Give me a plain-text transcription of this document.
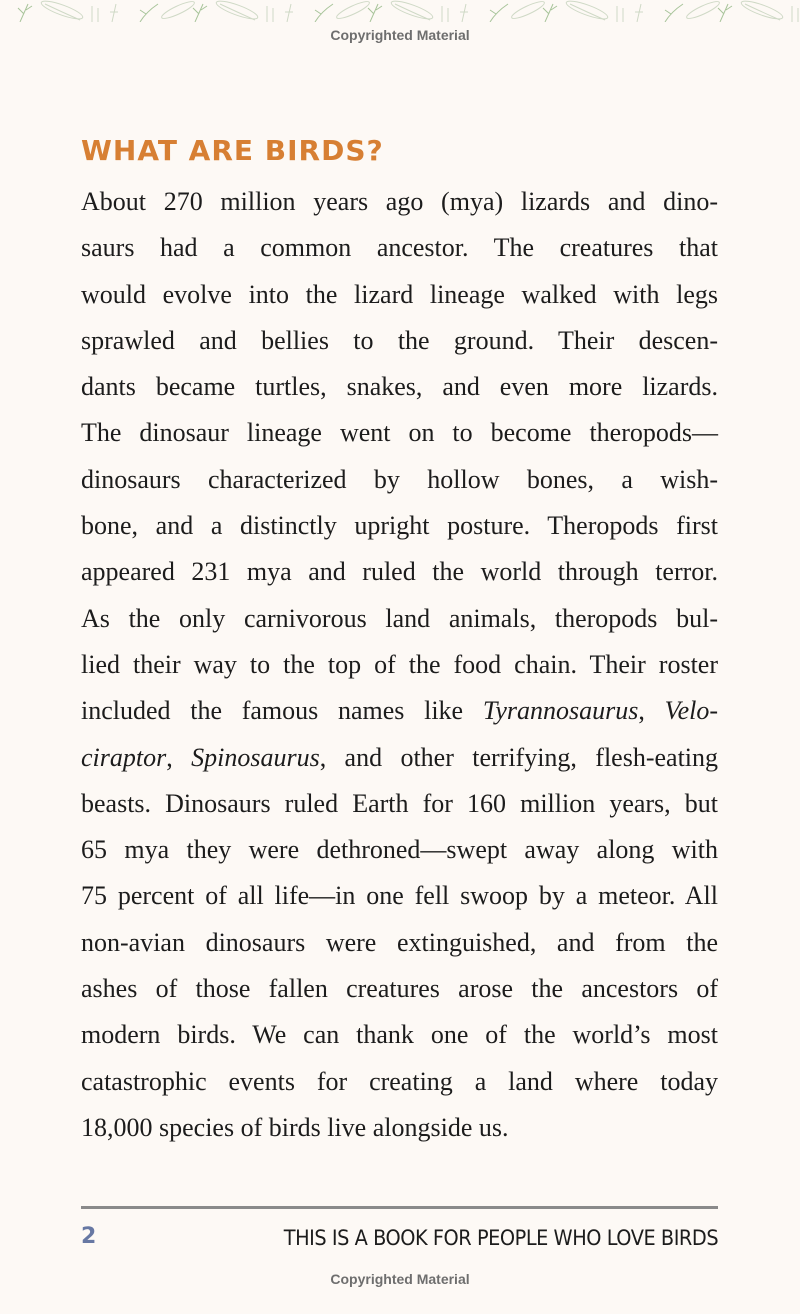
Copyrighted Material
WHAT ARE BIRDS?
About 270 million years ago (mya) lizards and dino-
saurs had a common ancestor. The creatures that
would evolve into the lizard lineage walked with legs
sprawled and bellies to the ground. Their descen-
dants became turtles, snakes, and even more lizards.
The dinosaur lineage went on to become theropods—
dinosaurs characterized by hollow bones, a wish-
bone, and a distinctly upright posture. Theropods first
appeared 231 mya and ruled the world through terror.
As the only carnivorous land animals, theropods bul-
lied their way to the top of the food chain. Their roster
included the famous names like Tyrannosaurus, Velo-
ciraptor, Spinosaurus, and other terrifying, flesh-eating
beasts. Dinosaurs ruled Earth for 160 million years, but
65 mya they were dethroned—swept away along with
75 percent of all life—in one fell swoop by a meteor. All
non-avian dinosaurs were extinguished, and from the
ashes of those fallen creatures arose the ancestors of
modern birds. We can thank one of the world’s most
catastrophic events for creating a land where today
18,000 species of birds live alongside us.
2	THIS IS A BOOK FOR PEOPLE WHO LOVE BIRDS
Copyrighted Material
